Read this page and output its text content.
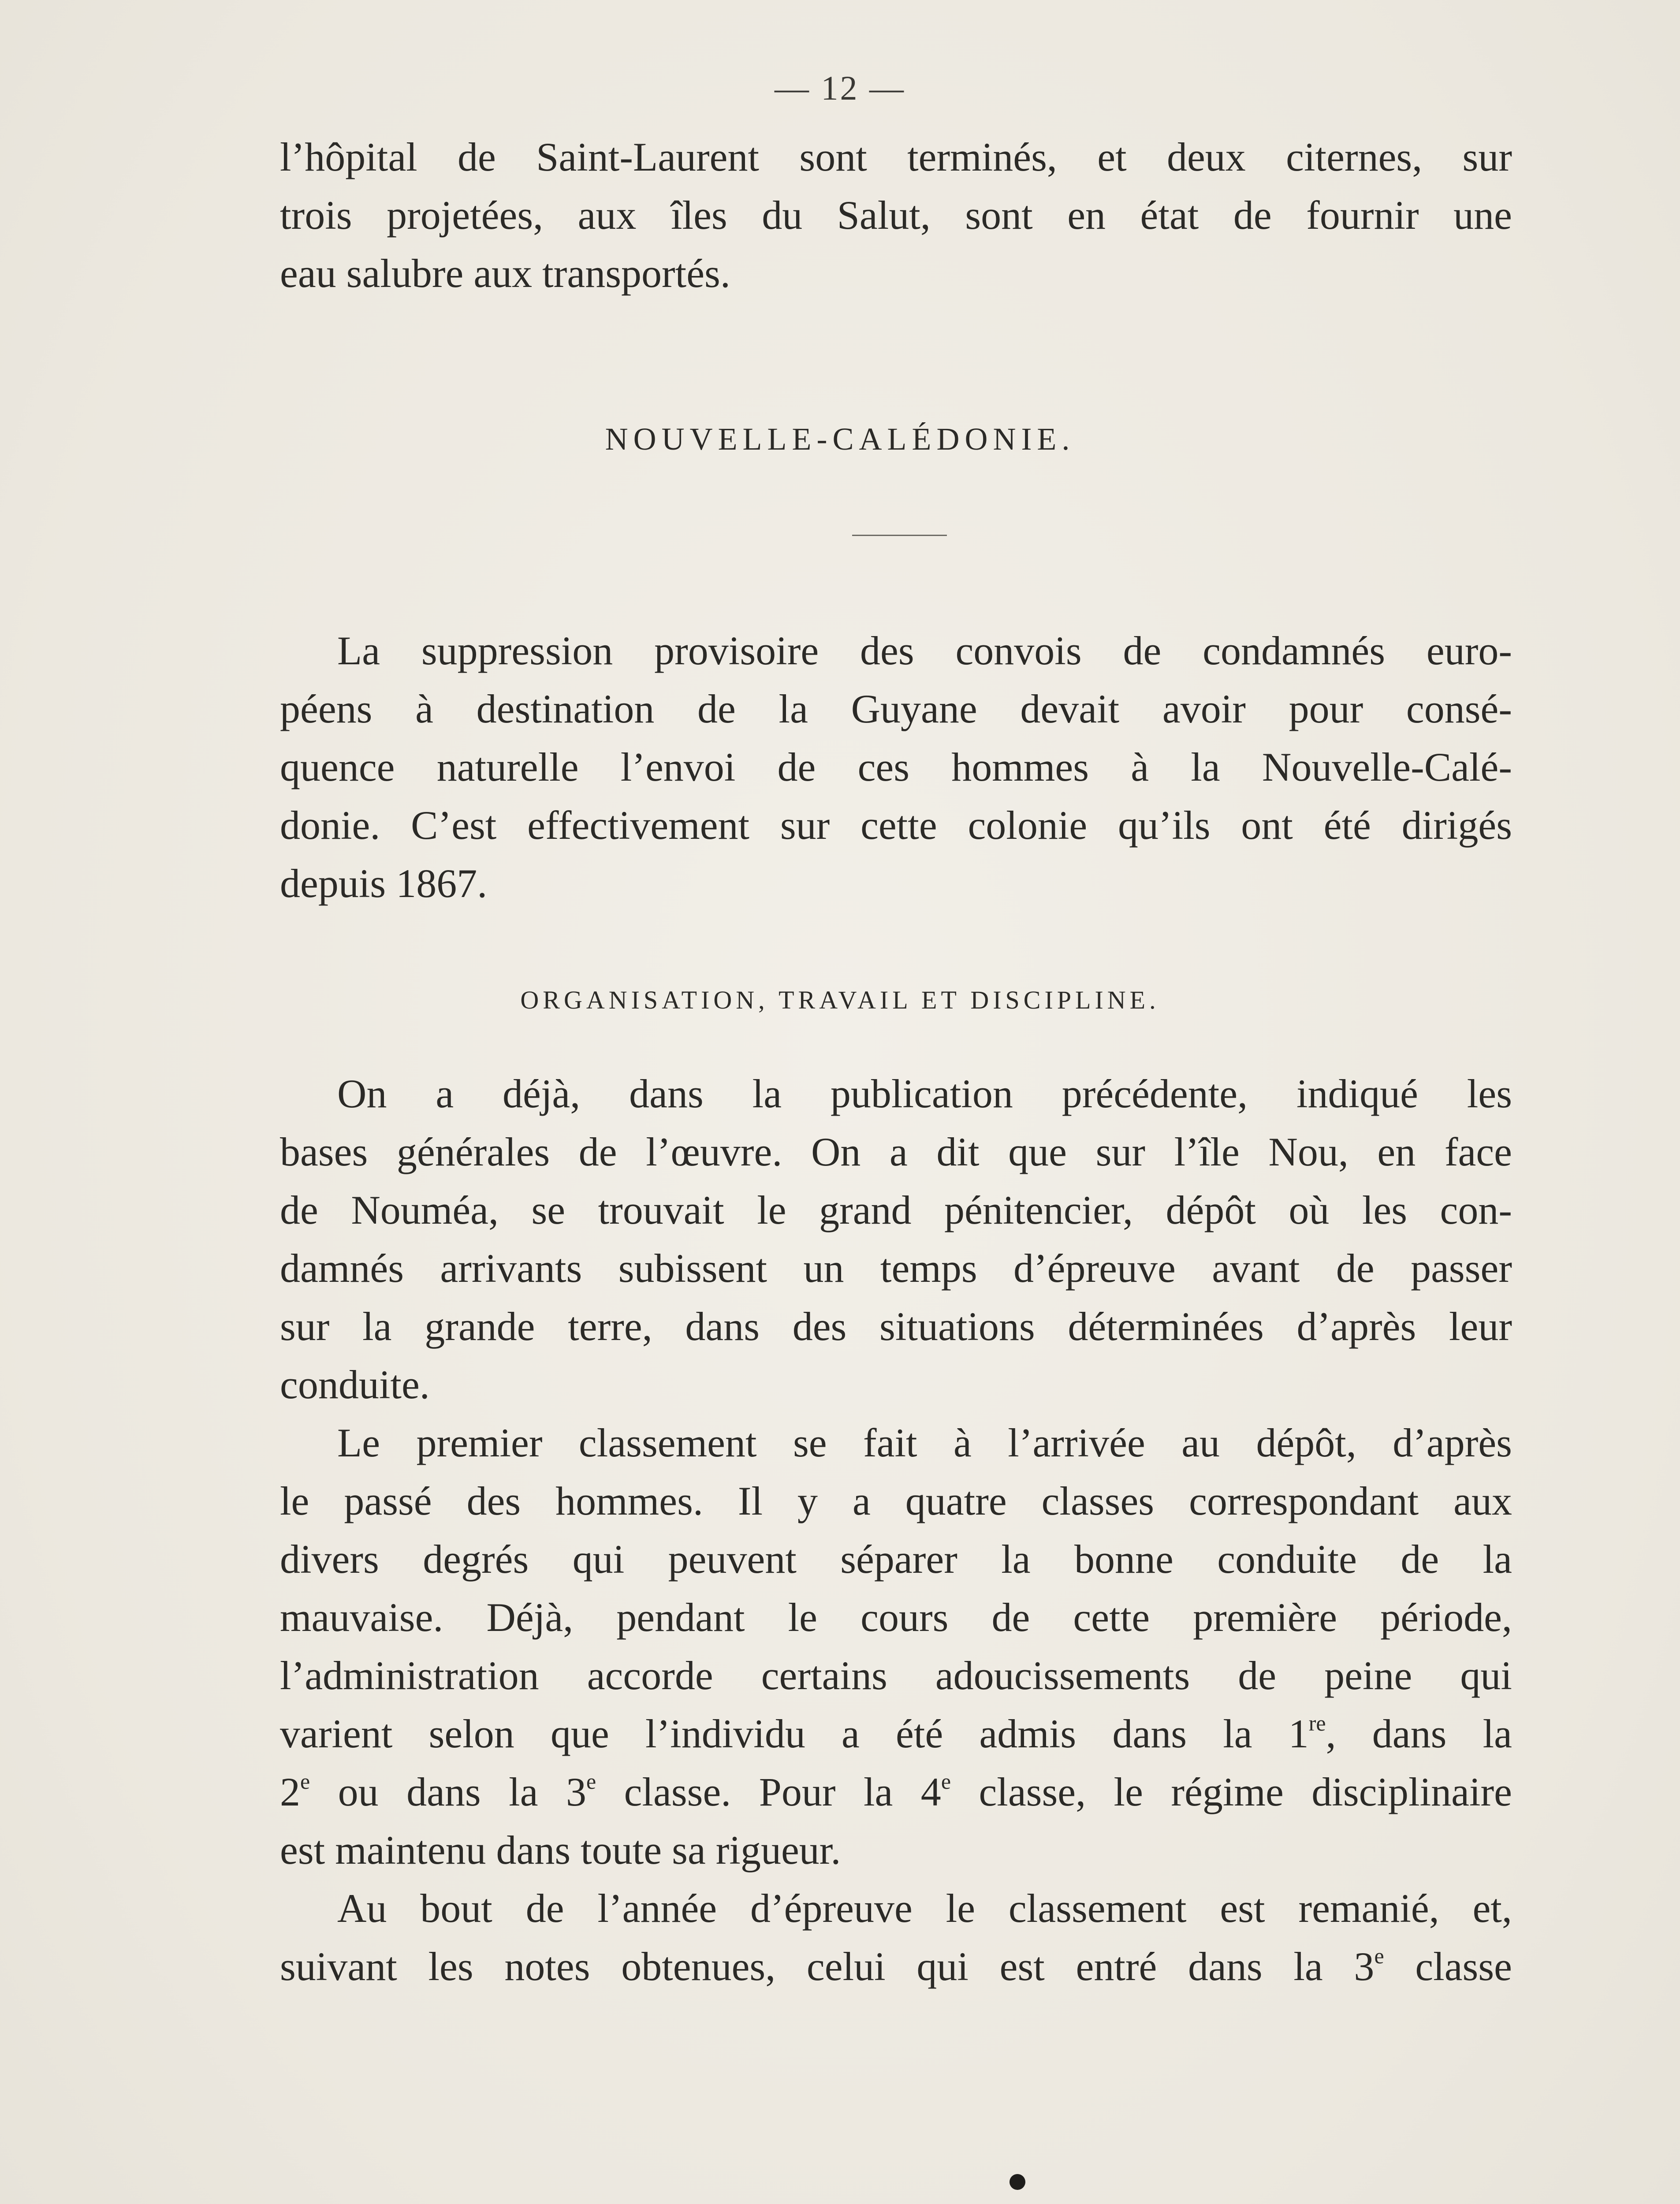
— 12 —
l’hôpital de Saint-Laurent sont terminés, et deux citernes, sur
trois projetées, aux îles du Salut, sont en état de fournir une
eau salubre aux transportés.
NOUVELLE-CALÉDONIE.
La suppression provisoire des convois de condamnés euro-
péens à destination de la Guyane devait avoir pour consé-
quence naturelle l’envoi de ces hommes à la Nouvelle-Calé-
donie. C’est effectivement sur cette colonie qu’ils ont été dirigés
depuis 1867.
ORGANISATION, TRAVAIL ET DISCIPLINE.
On a déjà, dans la publication précédente, indiqué les
bases générales de l’œuvre. On a dit que sur l’île Nou, en face
de Nouméa, se trouvait le grand pénitencier, dépôt où les con-
damnés arrivants subissent un temps d’épreuve avant de passer
sur la grande terre, dans des situations déterminées d’après leur
conduite.
Le premier classement se fait à l’arrivée au dépôt, d’après
le passé des hommes. Il y a quatre classes correspondant aux
divers degrés qui peuvent séparer la bonne conduite de la
mauvaise. Déjà, pendant le cours de cette première période,
l’administration accorde certains adoucissements de peine qui
varient selon que l’individu a été admis dans la 1re, dans la
2e ou dans la 3e classe. Pour la 4e classe, le régime disciplinaire
est maintenu dans toute sa rigueur.
Au bout de l’année d’épreuve le classement est remanié, et,
suivant les notes obtenues, celui qui est entré dans la 3e classe
